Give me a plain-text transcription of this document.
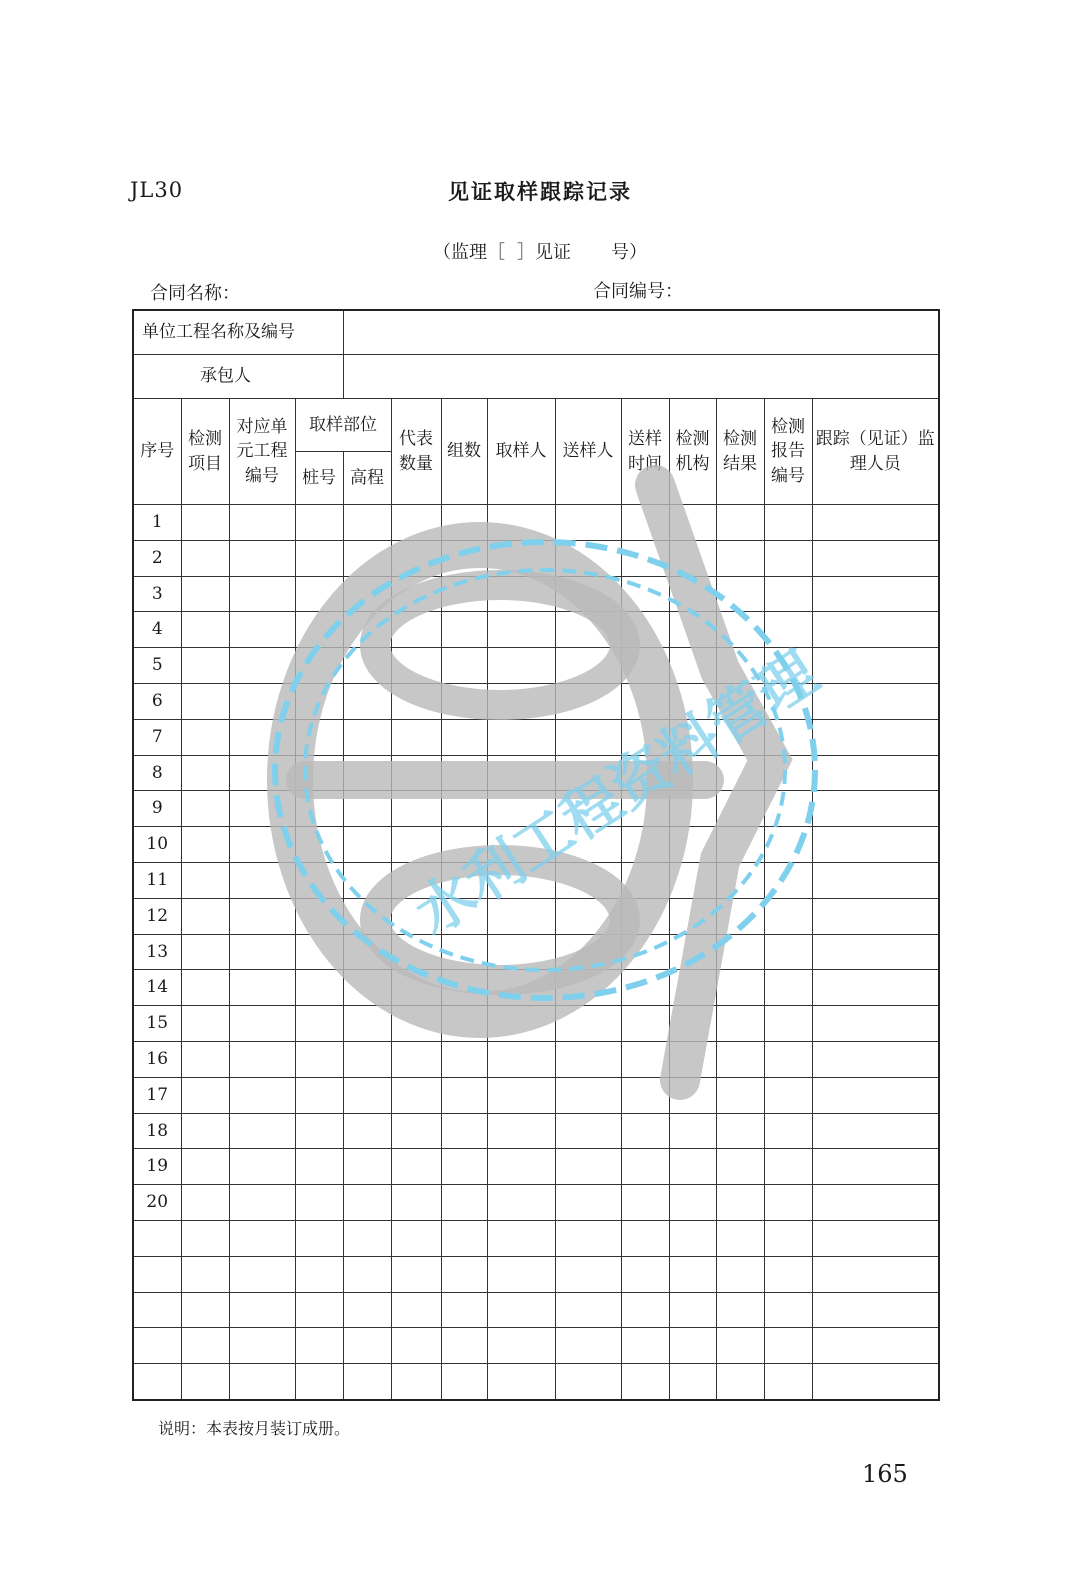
JL30	见证取样跟踪记录
（监理［ ］见证 号）
合同名称：	合同编号：
单位工程名称及编号													
承包人													
序号	检测项目	对应单元工程编号	取样部位		代表数量	组数	取样人	送样人	送样时间	检测机构	检测结果	检测报告编号	跟踪（见证）监理人员
			桩号	高程									
1													
2													
3													
4													
5													
6													
7													
8													
9													
10													
11													
12													
13													
14													
15													
16													
17													
18													
19													
20													

水利工程资料管理
说明：本表按月装订成册。
165
